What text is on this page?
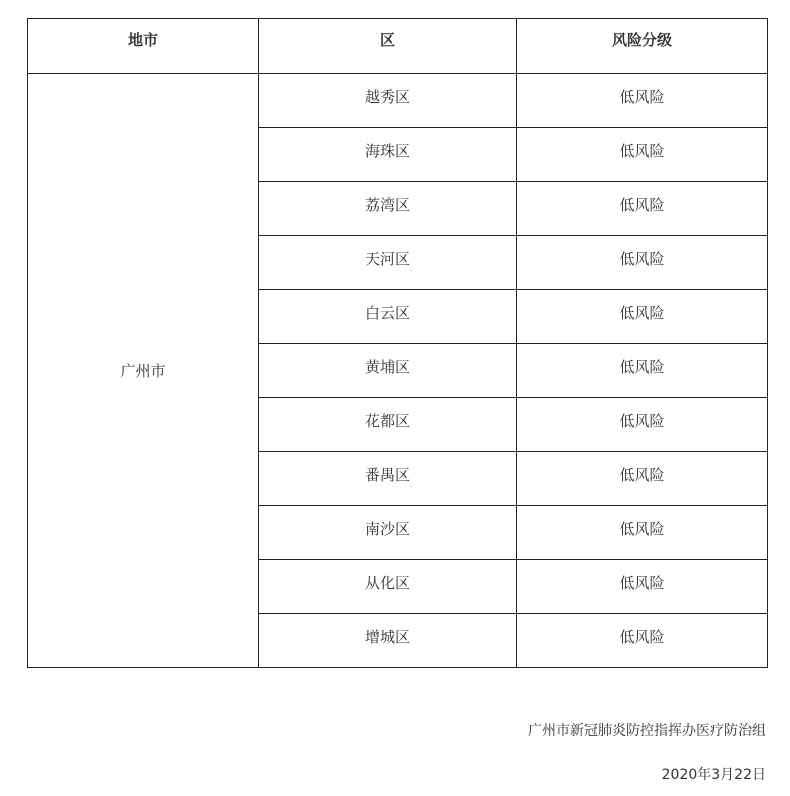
地市	区	风险分级
广州市	越秀区	低风险
	海珠区	低风险
	荔湾区	低风险
	天河区	低风险
	白云区	低风险
	黄埔区	低风险
	花都区	低风险
	番禺区	低风险
	南沙区	低风险
	从化区	低风险
	增城区	低风险
广州市新冠肺炎防控指挥办医疗防治组
2020年3月22日
